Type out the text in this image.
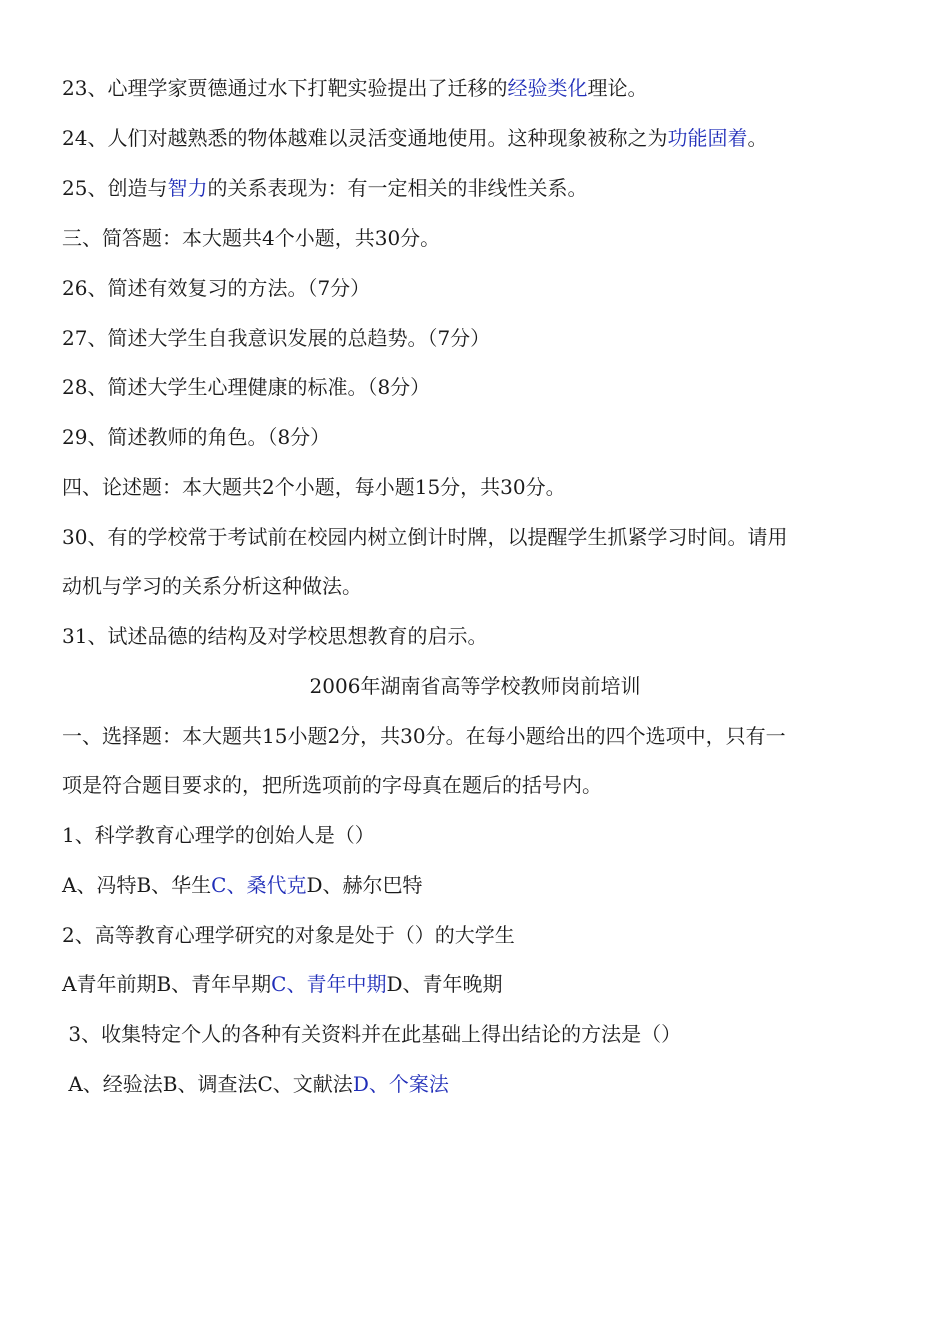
23、心理学家贾德通过水下打靶实验提出了迁移的经验类化理论。
24、人们对越熟悉的物体越难以灵活变通地使用。这种现象被称之为功能固着。
25、创造与智力的关系表现为：有一定相关的非线性关系。
三、简答题：本大题共4个小题，共30分。
26、简述有效复习的方法。（7分）
27、简述大学生自我意识发展的总趋势。（7分）
28、简述大学生心理健康的标准。（8分）
29、简述教师的角色。（8分）
四、论述题：本大题共2个小题，每小题15分，共30分。
30、有的学校常于考试前在校园内树立倒计时牌，以提醒学生抓紧学习时间。请用
动机与学习的关系分析这种做法。
31、试述品德的结构及对学校思想教育的启示。
2006年湖南省高等学校教师岗前培训
一、选择题：本大题共15小题2分，共30分。在每小题给出的四个选项中，只有一
项是符合题目要求的，把所选项前的字母真在题后的括号内。
1、科学教育心理学的创始人是（）
A、冯特B、华生C、桑代克D、赫尔巴特
2、高等教育心理学研究的对象是处于（）的大学生
A青年前期B、青年早期C、青年中期D、青年晚期
3、收集特定个人的各种有关资料并在此基础上得出结论的方法是（）
A、经验法B、调查法C、文献法D、个案法
